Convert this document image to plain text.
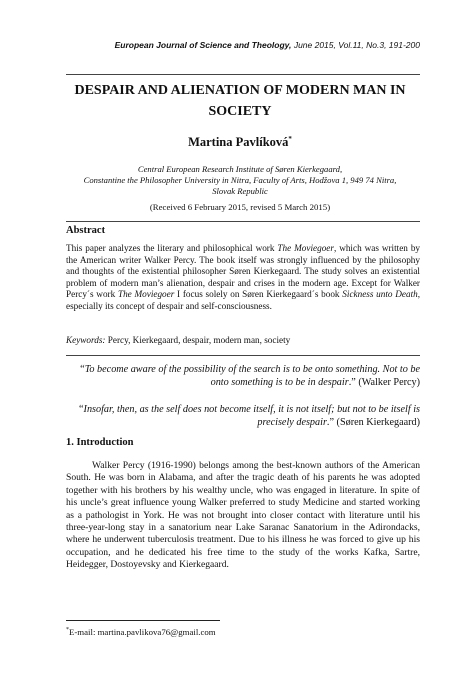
European Journal of Science and Theology, June 2015, Vol.11, No.3, 191-200
DESPAIR AND ALIENATION OF MODERN MAN IN
SOCIETY
Martina Pavlíková*
Central European Research Institute of Søren Kierkegaard,
Constantine the Philosopher University in Nitra, Faculty of Arts, Hodžova 1, 949 74 Nitra,
Slovak Republic
(Received 6 February 2015, revised 5 March 2015)
Abstract
This paper analyzes the literary and philosophical work The Moviegoer, which was written by the American writer Walker Percy. The book itself was strongly influenced by the philosophy and thoughts of the existential philosopher Søren Kierkegaard. The study solves an existential problem of modern man’s alienation, despair and crises in the modern age. Except for Walker Percy´s work The Moviegoer I focus solely on Søren Kierkegaard´s book Sickness unto Death, especially its concept of despair and self-consciousness.
Keywords: Percy, Kierkegaard, despair, modern man, society
“To become aware of the possibility of the search is to be onto something. Not to be onto something is to be in despair.” (Walker Percy)
“Insofar, then, as the self does not become itself, it is not itself; but not to be itself is precisely despair.” (Søren Kierkegaard)
1. Introduction
Walker Percy (1916-1990) belongs among the best-known authors of the American South. He was born in Alabama, and after the tragic death of his parents he was adopted together with his brothers by his wealthy uncle, who was engaged in literature. In spite of his uncle’s great influence young Walker preferred to study Medicine and started working as a pathologist in York. He was not brought into closer contact with literature until his three-year-long stay in a sanatorium near Lake Saranac Sanatorium in the Adirondacks, where he underwent tuberculosis treatment. Due to his illness he was forced to give up his occupation, and he dedicated his free time to the study of the works Kafka, Sartre, Heidegger, Dostoyevsky and Kierkegaard.
*E-mail: martina.pavlikova76@gmail.com
